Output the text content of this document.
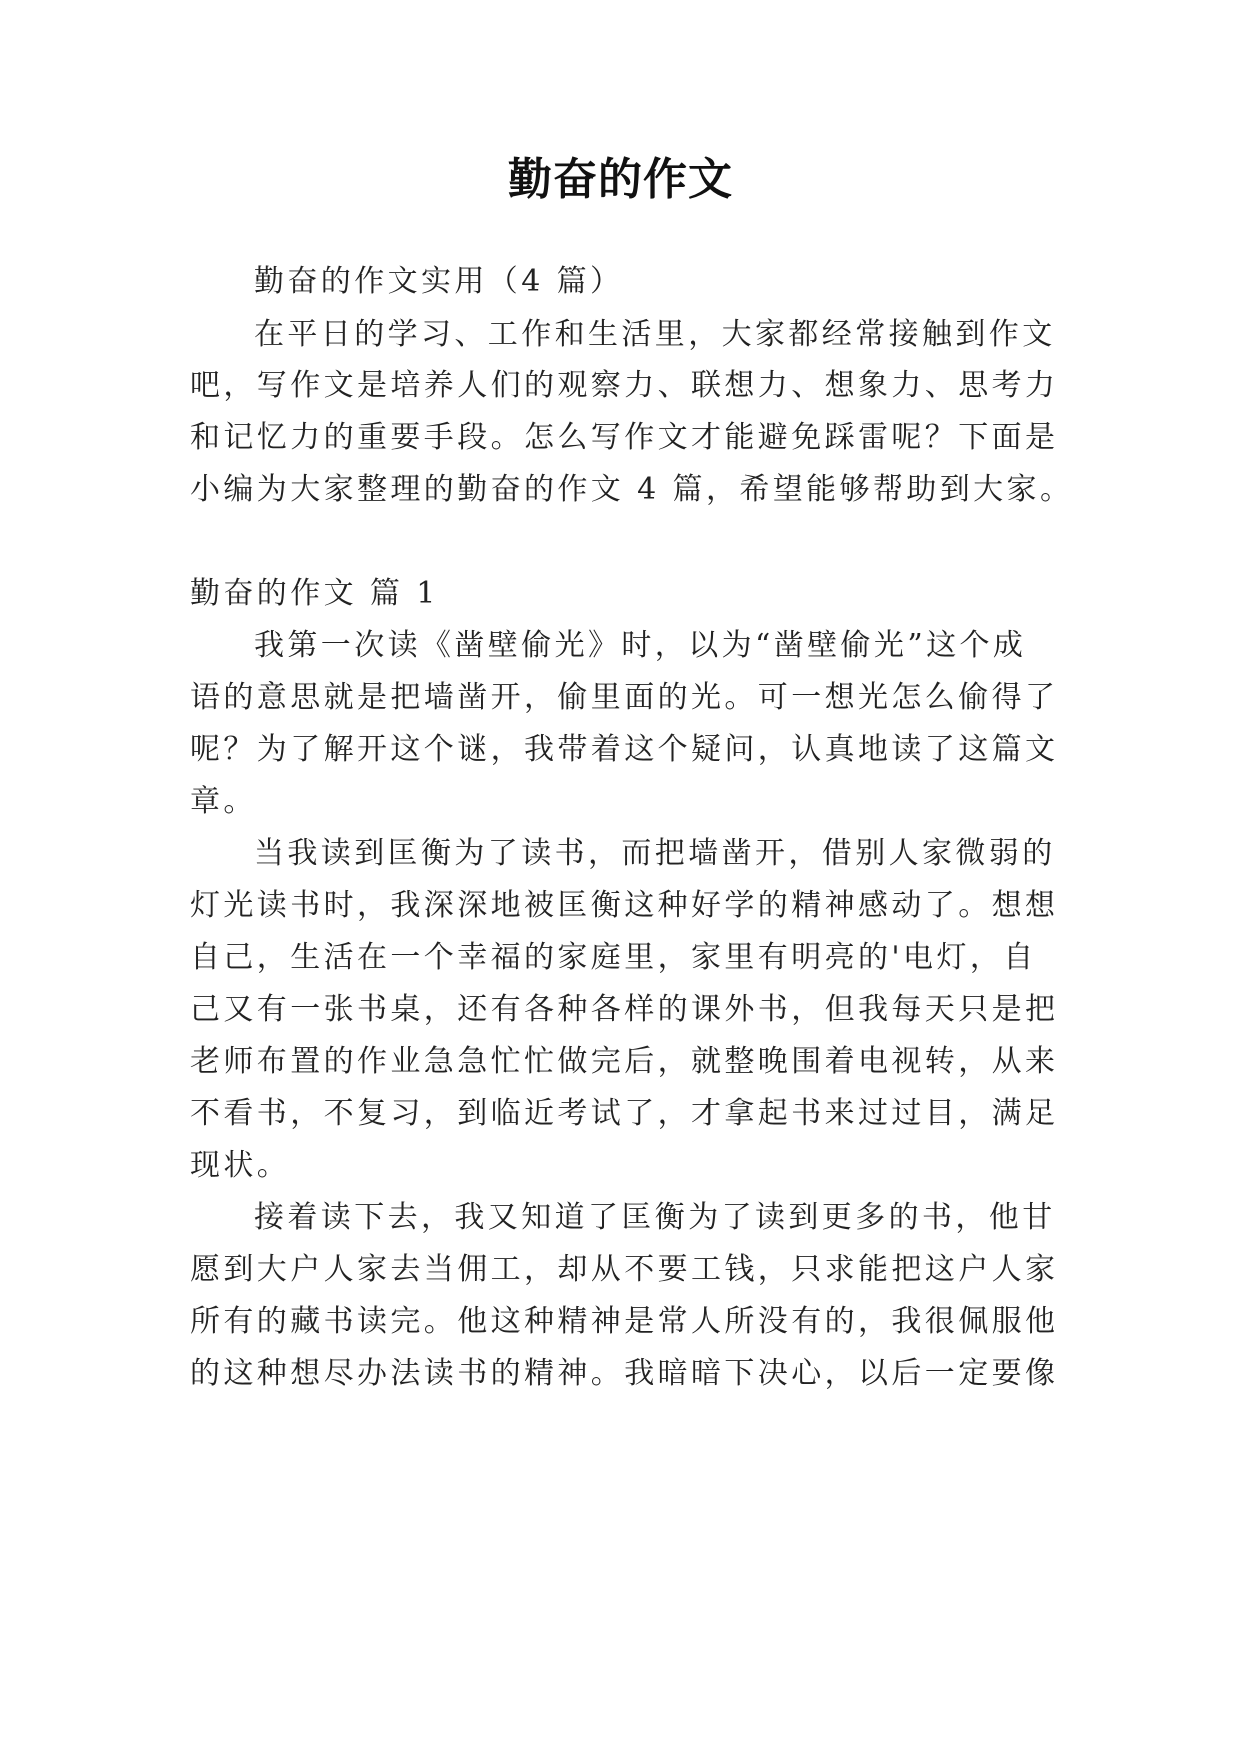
勤奋的作文
勤奋的作文实用（4 篇）
在平日的学习、工作和生活里，大家都经常接触到作文
吧，写作文是培养人们的观察力、联想力、想象力、思考力
和记忆力的重要手段。怎么写作文才能避免踩雷呢？下面是
小编为大家整理的勤奋的作文 4 篇，希望能够帮助到大家。
勤奋的作文 篇 1
我第一次读《凿壁偷光》时，以为“凿壁偷光”这个成
语的意思就是把墙凿开，偷里面的光。可一想光怎么偷得了
呢？为了解开这个谜，我带着这个疑问，认真地读了这篇文
章。
当我读到匡衡为了读书，而把墙凿开，借别人家微弱的
灯光读书时，我深深地被匡衡这种好学的精神感动了。想想
自己，生活在一个幸福的家庭里，家里有明亮的'电灯，自
己又有一张书桌，还有各种各样的课外书，但我每天只是把
老师布置的作业急急忙忙做完后，就整晚围着电视转，从来
不看书，不复习，到临近考试了，才拿起书来过过目，满足
现状。
接着读下去，我又知道了匡衡为了读到更多的书，他甘
愿到大户人家去当佣工，却从不要工钱，只求能把这户人家
所有的藏书读完。他这种精神是常人所没有的，我很佩服他
的这种想尽办法读书的精神。我暗暗下决心，以后一定要像
